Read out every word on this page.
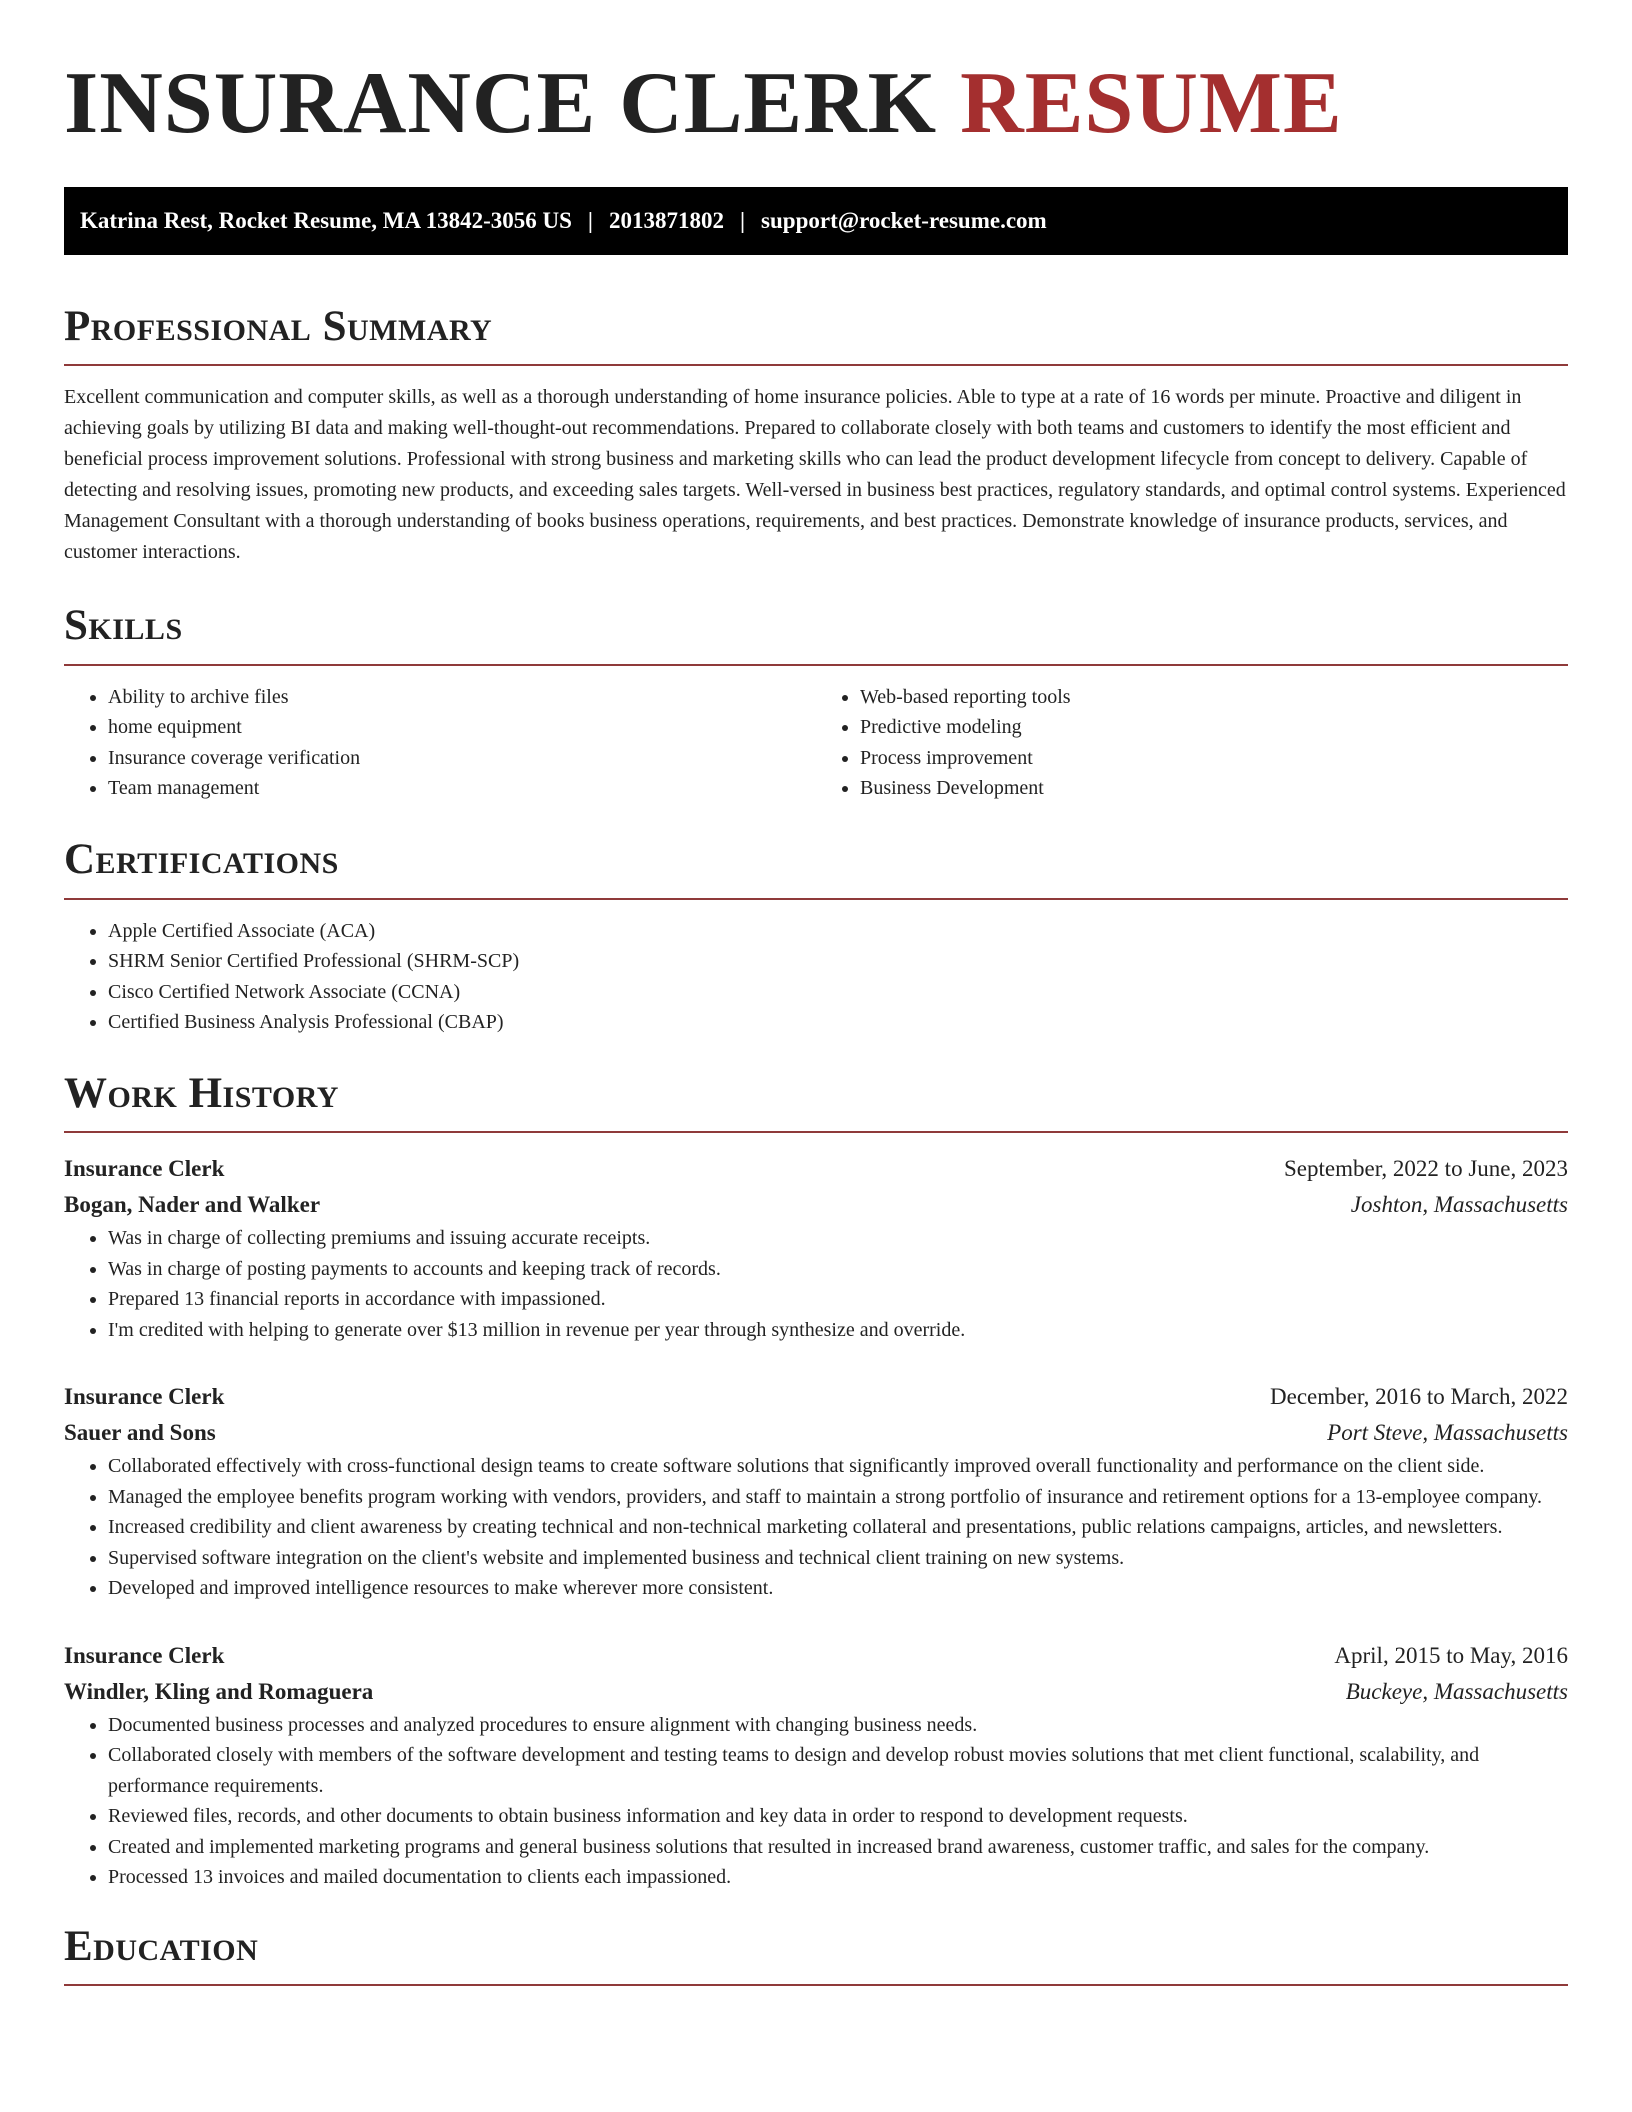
INSURANCE CLERK RESUME
Katrina Rest, Rocket Resume, MA 13842-3056 US | 2013871802 | support@rocket-resume.com
Professional Summary

Excellent communication and computer skills, as well as a thorough understanding of home insurance policies. Able to type at a rate of 16 words per minute. Proactive and diligent in achieving goals by utilizing BI data and making well-thought-out recommendations. Prepared to collaborate closely with both teams and customers to identify the most efficient and beneficial process improvement solutions. Professional with strong business and marketing skills who can lead the product development lifecycle from concept to delivery. Capable of detecting and resolving issues, promoting new products, and exceeding sales targets. Well-versed in business best practices, regulatory standards, and optimal control systems. Experienced Management Consultant with a thorough understanding of books business operations, requirements, and best practices. Demonstrate knowledge of insurance products, services, and customer interactions.

Skills
• Ability to archive files
• home equipment
• Insurance coverage verification
• Team management
• Web-based reporting tools
• Predictive modeling
• Process improvement
• Business Development
Certifications
• Apple Certified Associate (ACA)
• SHRM Senior Certified Professional (SHRM-SCP)
• Cisco Certified Network Associate (CCNA)
• Certified Business Analysis Professional (CBAP)
Work History
Insurance Clerk	September, 2022 to June, 2023
Bogan, Nader and Walker	Joshton, Massachusetts
• Was in charge of collecting premiums and issuing accurate receipts.
• Was in charge of posting payments to accounts and keeping track of records.
• Prepared 13 financial reports in accordance with impassioned.
• I'm credited with helping to generate over $13 million in revenue per year through synthesize and override.
Insurance Clerk	December, 2016 to March, 2022
Sauer and Sons	Port Steve, Massachusetts
• Collaborated effectively with cross-functional design teams to create software solutions that significantly improved overall functionality and performance on the client side.
• Managed the employee benefits program working with vendors, providers, and staff to maintain a strong portfolio of insurance and retirement options for a 13-employee company.
• Increased credibility and client awareness by creating technical and non-technical marketing collateral and presentations, public relations campaigns, articles, and newsletters.
• Supervised software integration on the client's website and implemented business and technical client training on new systems.
• Developed and improved intelligence resources to make wherever more consistent.
Insurance Clerk	April, 2015 to May, 2016
Windler, Kling and Romaguera	Buckeye, Massachusetts
• Documented business processes and analyzed procedures to ensure alignment with changing business needs.
• Collaborated closely with members of the software development and testing teams to design and develop robust movies solutions that met client functional, scalability, and performance requirements.
• Reviewed files, records, and other documents to obtain business information and key data in order to respond to development requests.
• Created and implemented marketing programs and general business solutions that resulted in increased brand awareness, customer traffic, and sales for the company.
• Processed 13 invoices and mailed documentation to clients each impassioned.
Education
